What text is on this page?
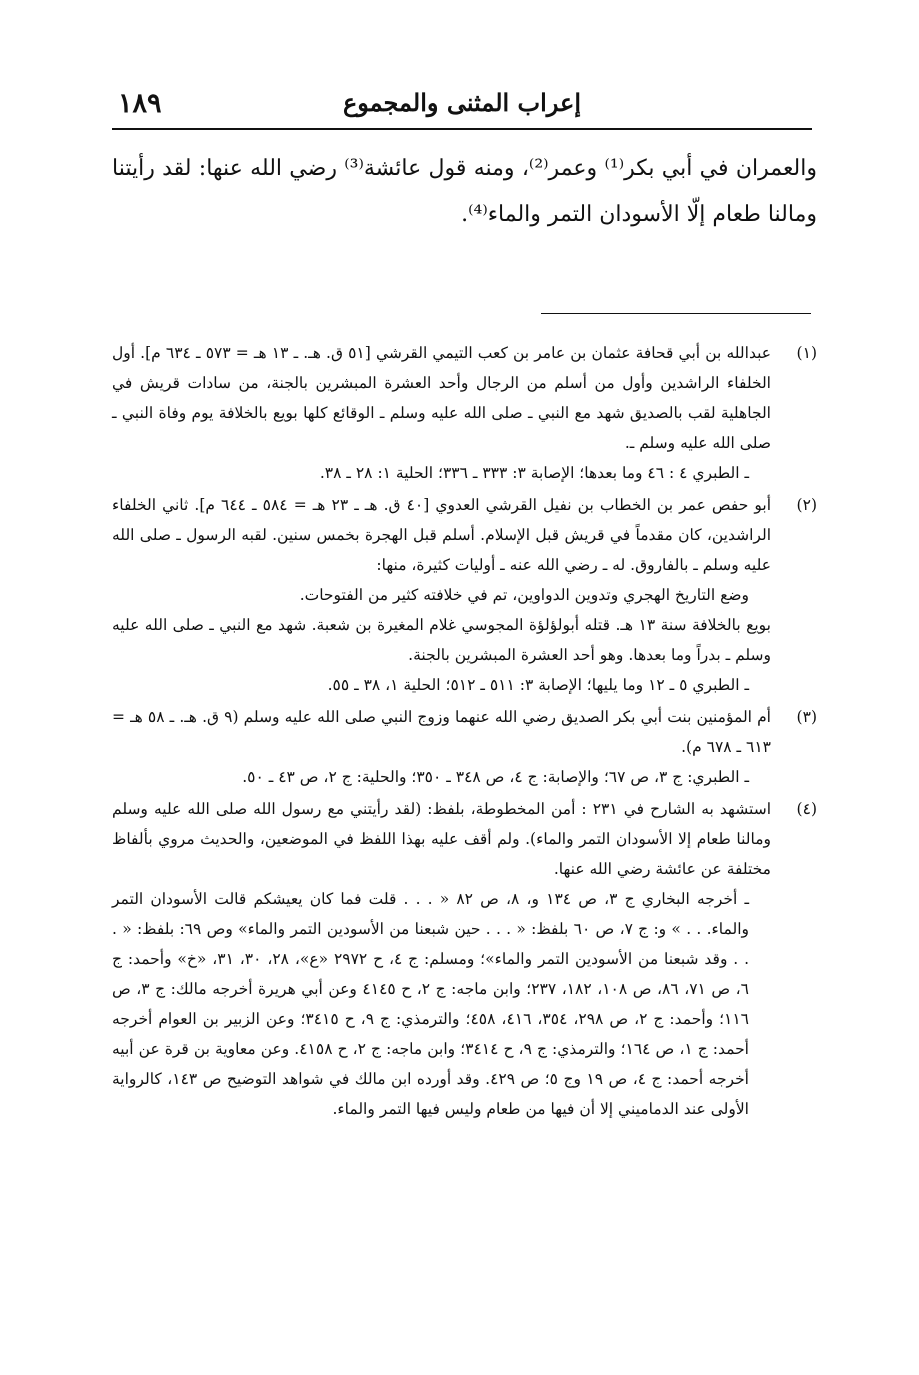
١٨٩	إعراب المثنى والمجموع
والعمران في أبي بكر⁽¹⁾ وعمر⁽²⁾، ومنه قول عائشة⁽³⁾ رضي الله عنها: لقد رأيتنا ومالنا طعام إلّا الأسودان التمر والماء⁽⁴⁾.
(١)

عبدالله بن أبي قحافة عثمان بن عامر بن كعب التيمي القرشي [٥١ ق. هـ. ـ ١٣ هـ = ٥٧٣ ـ ٦٣٤ م]. أول الخلفاء الراشدين وأول من أسلم من الرجال وأحد العشرة المبشرين بالجنة، من سادات قريش في الجاهلية لقب بالصديق شهد مع النبي ـ صلى الله عليه وسلم ـ الوقائع كلها بويع بالخلافة يوم وفاة النبي ـ صلى الله عليه وسلم ـ.

ـ الطبري ٤ : ٤٦ وما بعدها؛ الإصابة ٣: ٣٣٣ ـ ٣٣٦؛ الحلية ١: ٢٨ ـ ٣٨.

(٢)

أبو حفص عمر بن الخطاب بن نفيل القرشي العدوي [٤٠ ق. هـ ـ ٢٣ هـ = ٥٨٤ ـ ٦٤٤ م]. ثاني الخلفاء الراشدين، كان مقدماً في قريش قبل الإسلام. أسلم قبل الهجرة بخمس سنين. لقبه الرسول ـ صلى الله عليه وسلم ـ بالفاروق. له ـ رضي الله عنه ـ أوليات كثيرة، منها:

وضع التاريخ الهجري وتدوين الدواوين، تم في خلافته كثير من الفتوحات.

بويع بالخلافة سنة ١٣ هـ. قتله أبولؤلؤة المجوسي غلام المغيرة بن شعبة. شهد مع النبي ـ صلى الله عليه وسلم ـ بدراً وما بعدها. وهو أحد العشرة المبشرين بالجنة.

ـ الطبري ٥ ـ ١٢ وما يليها؛ الإصابة ٣: ٥١١ ـ ٥١٢؛ الحلية ١، ٣٨ ـ ٥٥.

(٣)

أم المؤمنين بنت أبي بكر الصديق رضي الله عنهما وزوج النبي صلى الله عليه وسلم (٩ ق. هـ. ـ ٥٨ هـ = ٦١٣ ـ ٦٧٨ م).

ـ الطبري: ج ٣، ص ٦٧؛ والإصابة: ج ٤، ص ٣٤٨ ـ ٣٥٠؛ والحلية: ج ٢، ص ٤٣ ـ ٥٠.

(٤)

استشهد به الشارح في ٢٣١ : أمن المخطوطة، بلفظ: (لقد رأيتني مع رسول الله صلى الله عليه وسلم ومالنا طعام إلا الأسودان التمر والماء). ولم أقف عليه بهذا اللفظ في الموضعين، والحديث مروي بألفاظ مختلفة عن عائشة رضي الله عنها.

ـ أخرجه البخاري ج ٣، ص ١٣٤ و، ٨، ص ٨٢ « . . . قلت فما كان يعيشكم قالت الأسودان التمر والماء. . . » و: ج ٧، ص ٦٠ بلفظ: « . . . حين شبعنا من الأسودين التمر والماء» وص ٦٩: بلفظ: « . . . وقد شبعنا من الأسودين التمر والماء»؛ ومسلم: ج ٤، ح ٢٩٧٢ «ع»، ٢٨، ٣٠، ٣١، «خ» وأحمد: ج ٦، ص ٧١، ٨٦، ص ١٠٨، ١٨٢، ٢٣٧؛ وابن ماجه: ج ٢، ح ٤١٤٥ وعن أبي هريرة أخرجه مالك: ج ٣، ص ١١٦؛ وأحمد: ج ٢، ص ٢٩٨، ٣٥٤، ٤١٦، ٤٥٨؛ والترمذي: ج ٩، ح ٣٤١٥؛ وعن الزبير بن العوام أخرجه أحمد: ج ١، ص ١٦٤؛ والترمذي: ج ٩، ح ٣٤١٤؛ وابن ماجه: ج ٢، ح ٤١٥٨. وعن معاوية بن قرة عن أبيه أخرجه أحمد: ج ٤، ص ١٩ وج ٥؛ ص ٤٢٩. وقد أورده ابن مالك في شواهد التوضيح ص ١٤٣، كالرواية الأولى عند الدماميني إلا أن فيها من طعام وليس فيها التمر والماء.
